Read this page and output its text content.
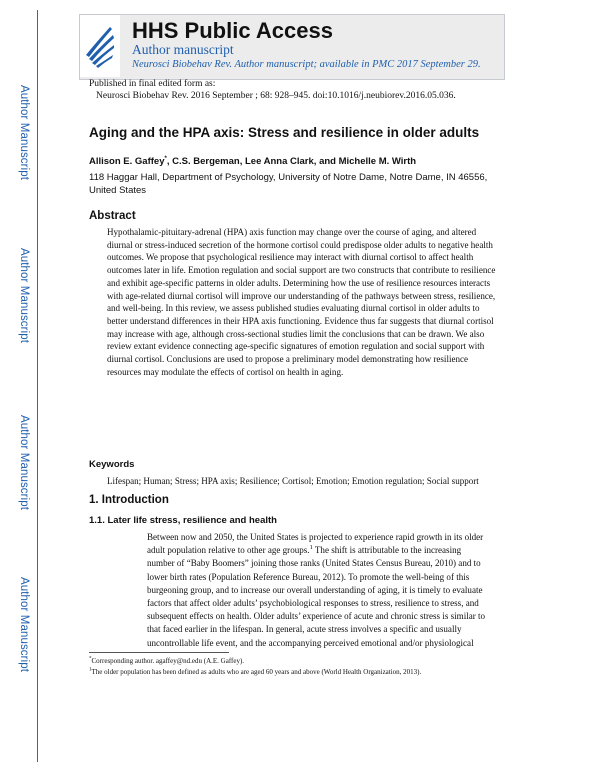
Author Manuscript
Author Manuscript
Author Manuscript
Author Manuscript
HHS Public Access
Author manuscript
Neurosci Biobehav Rev. Author manuscript; available in PMC 2017 September 29.
Published in final edited form as:
Neurosci Biobehav Rev. 2016 September ; 68: 928–945. doi:10.1016/j.neubiorev.2016.05.036.
Aging and the HPA axis: Stress and resilience in older adults
Allison E. Gaffey*, C.S. Bergeman, Lee Anna Clark, and Michelle M. Wirth
118 Haggar Hall, Department of Psychology, University of Notre Dame, Notre Dame, IN 46556, United States
Abstract

Hypothalamic-pituitary-adrenal (HPA) axis function may change over the course of aging, and altered diurnal or stress-induced secretion of the hormone cortisol could predispose older adults to negative health outcomes. We propose that psychological resilience may interact with diurnal cortisol to affect health outcomes later in life. Emotion regulation and social support are two constructs that contribute to resilience and exhibit age-specific patterns in older adults. Determining how the use of resilience resources interacts with age-related diurnal cortisol will improve our understanding of the pathways between stress, resilience, and well-being. In this review, we assess published studies evaluating diurnal cortisol in older adults to better understand differences in their HPA axis functioning. Evidence thus far suggests that diurnal cortisol may increase with age, although cross-sectional studies limit the conclusions that can be drawn. We also review extant evidence connecting age-specific signatures of emotion regulation and social support with diurnal cortisol. Conclusions are used to propose a preliminary model demonstrating how resilience resources may modulate the effects of cortisol on health in aging.

Keywords

Lifespan; Human; Stress; HPA axis; Resilience; Cortisol; Emotion; Emotion regulation; Social support

1. Introduction
1.1. Later life stress, resilience and health

Between now and 2050, the United States is projected to experience rapid growth in its older adult population relative to other age groups.$^1$ The shift is attributable to the increasing number of “Baby Boomers” joining those ranks (United States Census Bureau, 2010) and to lower birth rates (Population Reference Bureau, 2012). To promote the well-being of this burgeoning group, and to increase our overall understanding of aging, it is timely to evaluate factors that affect older adults’ psychobiological responses to stress, resilience to stress, and subsequent effects on health. Older adults’ experience of acute and chronic stress is similar to that faced earlier in the lifespan. In general, acute stress involves a specific and usually uncontrollable life event, and the accompanying perceived emotional and/or physiological

*Corresponding author. agaffey@nd.edu (A.E. Gaffey).
$^1$The older population has been defined as adults who are aged 60 years and above (World Health Organization, 2013).
